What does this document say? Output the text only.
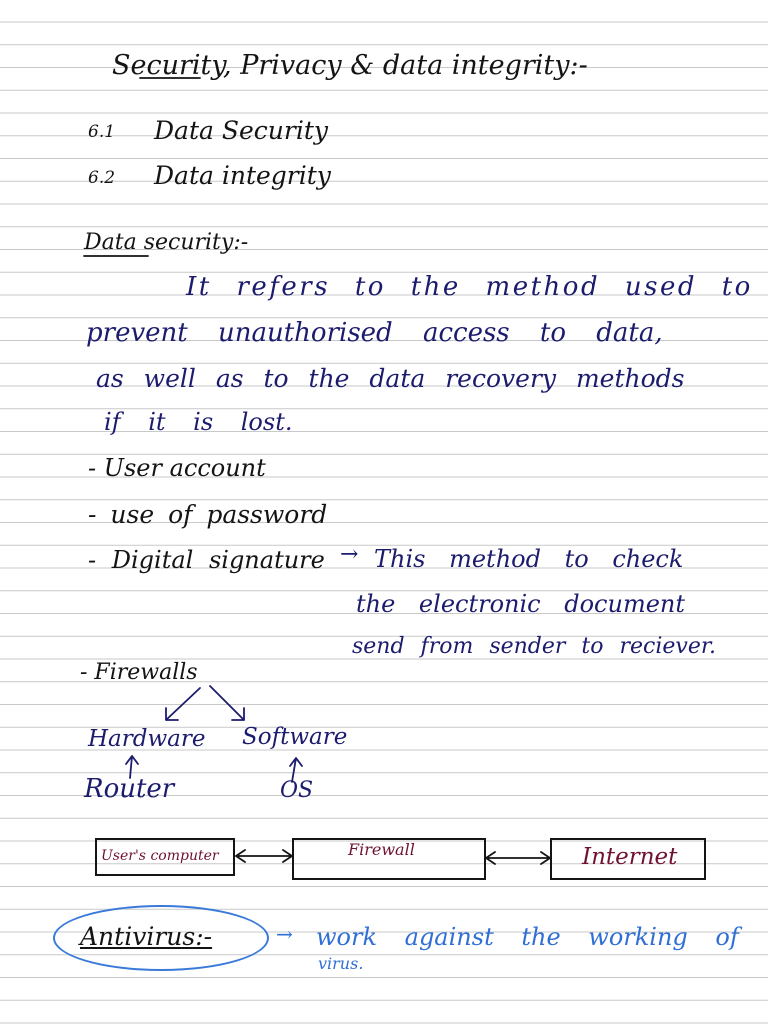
Security, Privacy & data integrity:-
6.1 Data Security
6.2 Data integrity
Data security:-
It refers to the method used to
prevent unauthorised access to data,
as well as to the data recovery methods
if it is lost.
- User account
- use of password
- Digital signature → This method to check
the electronic document
send from sender to reciever.
- Firewalls
Hardware Software
Router	OS
User's computer	Firewall	Internet
Antivirus:-	→ work against the working of
virus.
